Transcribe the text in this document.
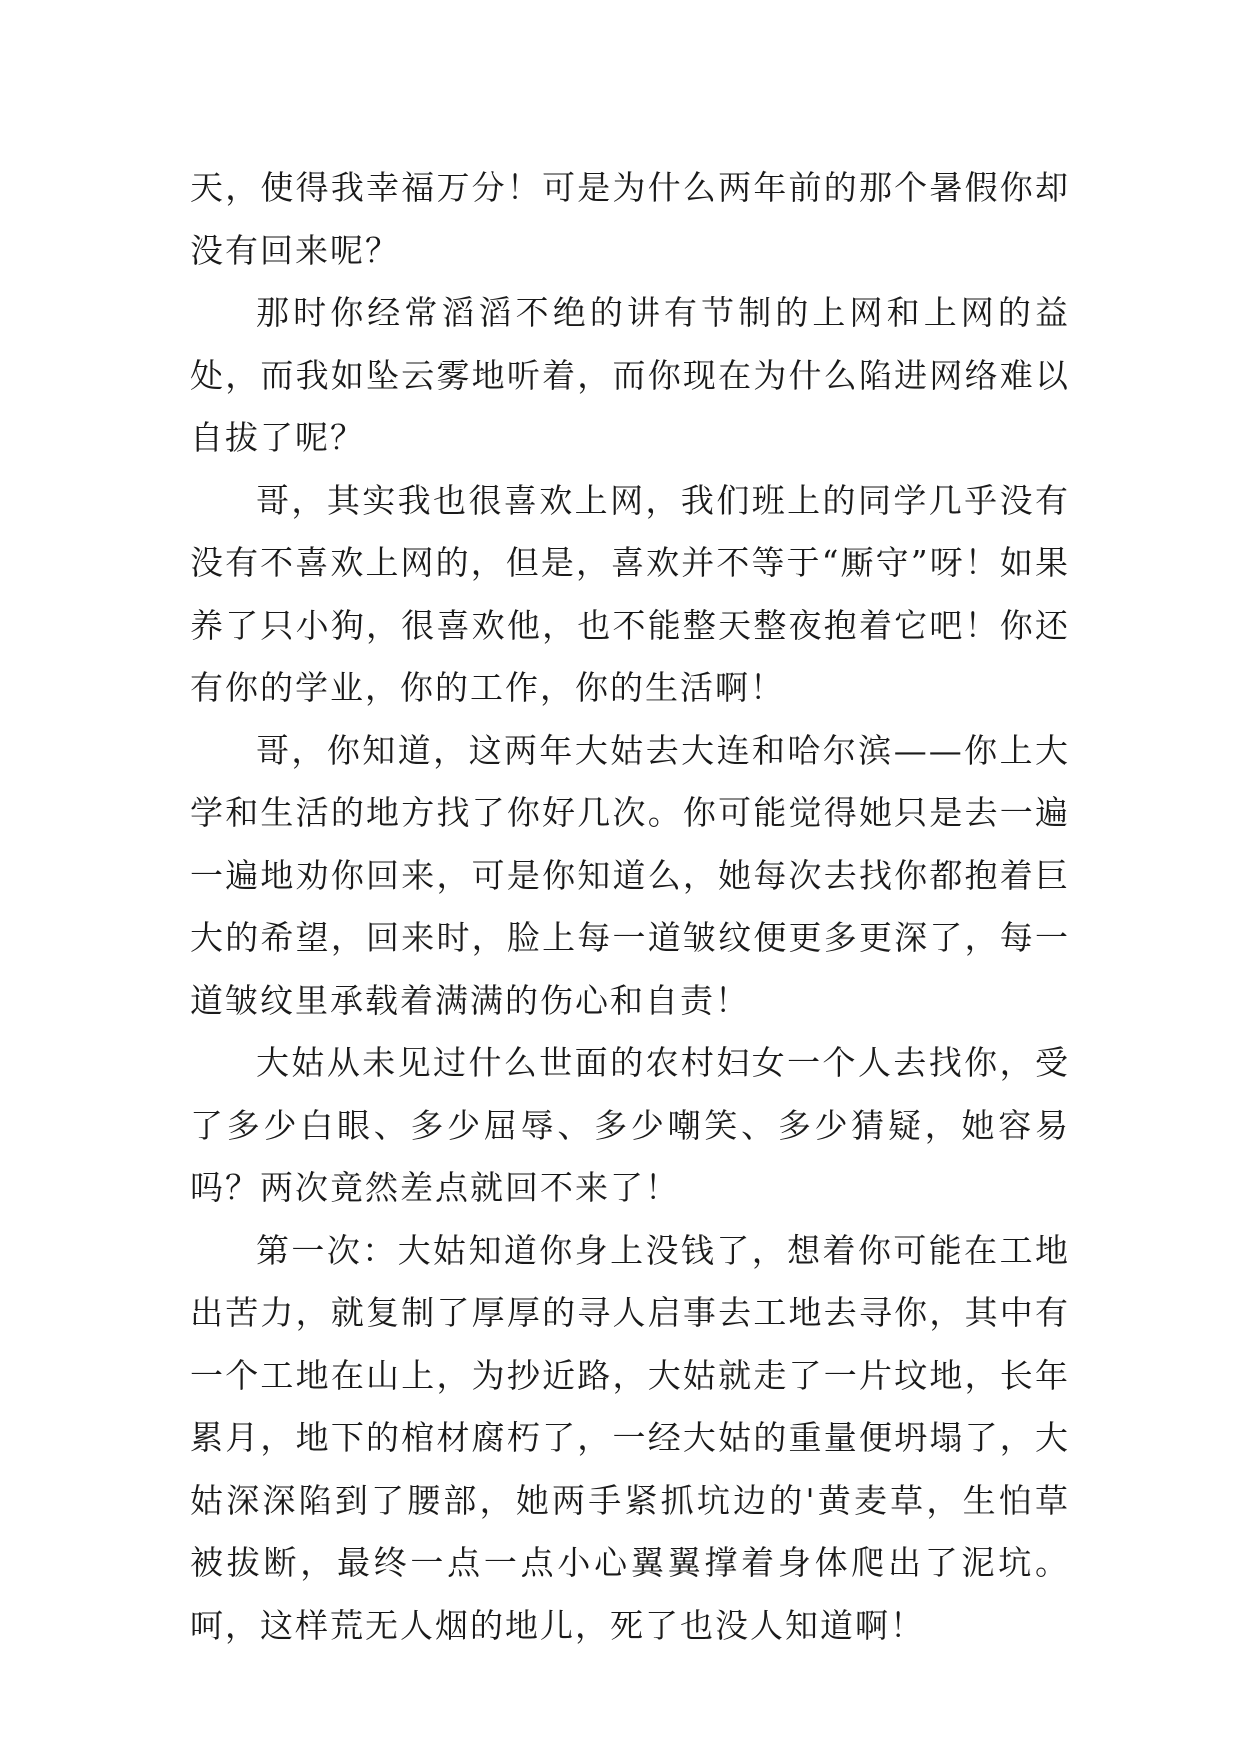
天，使得我幸福万分！可是为什么两年前的那个暑假你却没有回来呢？

那时你经常滔滔不绝的讲有节制的上网和上网的益处，而我如坠云雾地听着，而你现在为什么陷进网络难以自拔了呢？

哥，其实我也很喜欢上网，我们班上的同学几乎没有没有不喜欢上网的，但是，喜欢并不等于“厮守”呀！如果养了只小狗，很喜欢他，也不能整天整夜抱着它吧！你还有你的学业，你的工作，你的生活啊！

哥，你知道，这两年大姑去大连和哈尔滨——你上大学和生活的地方找了你好几次。你可能觉得她只是去一遍一遍地劝你回来，可是你知道么，她每次去找你都抱着巨大的希望，回来时，脸上每一道皱纹便更多更深了，每一道皱纹里承载着满满的伤心和自责！

大姑从未见过什么世面的农村妇女一个人去找你，受了多少白眼、多少屈辱、多少嘲笑、多少猜疑，她容易吗？两次竟然差点就回不来了！

第一次：大姑知道你身上没钱了，想着你可能在工地出苦力，就复制了厚厚的寻人启事去工地去寻你，其中有一个工地在山上，为抄近路，大姑就走了一片坟地，长年累月，地下的棺材腐朽了，一经大姑的重量便坍塌了，大姑深深陷到了腰部，她两手紧抓坑边的'黄麦草，生怕草被拔断，最终一点一点小心翼翼撑着身体爬出了泥坑。呵，这样荒无人烟的地儿，死了也没人知道啊！
